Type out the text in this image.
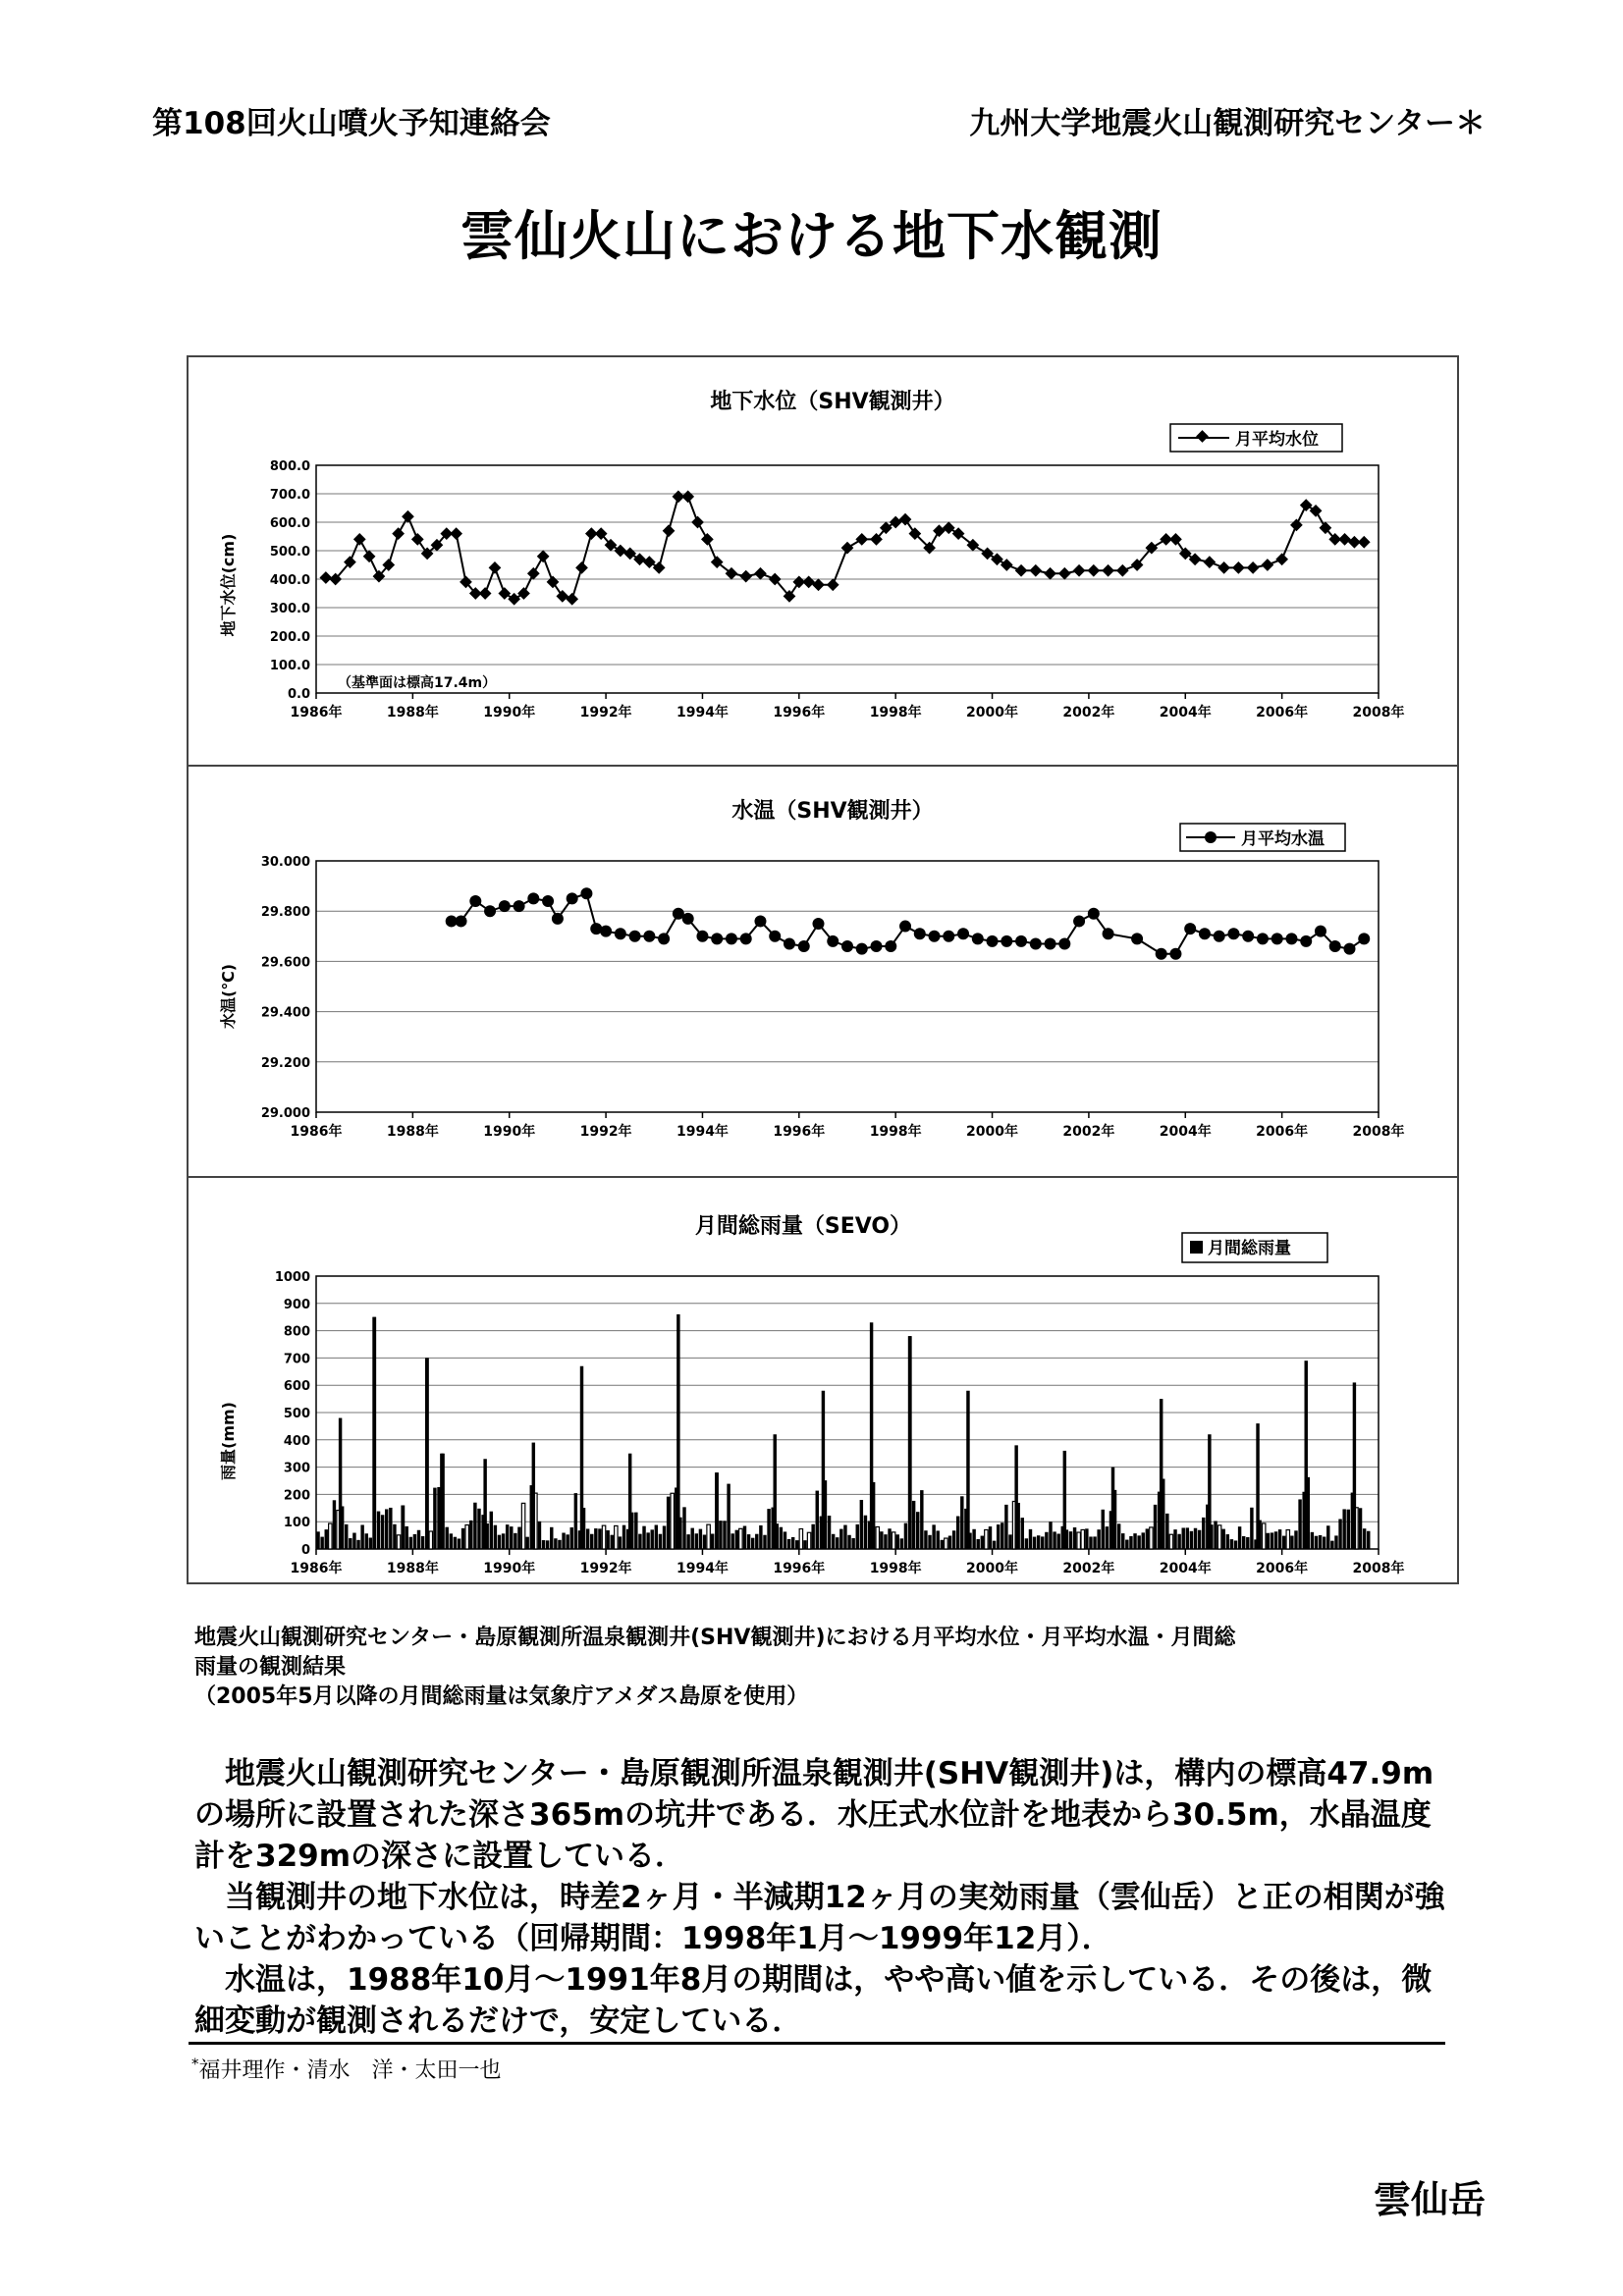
第108回火山噴火予知連絡会	九州大学地震火山観測研究センター＊
雲仙火山における地下水観測
地下水位（SHV観測井）
月平均水位
地下水位(cm)
（基準面は標高17.4m）
0.0
100.0
200.0
300.0
400.0
500.0
600.0
700.0
800.0
1986年	1988年	1990年	1992年	1994年	1996年	1998年	2000年	2002年	2004年	2006年	2008年
水温（SHV観測井）
月平均水温
水温(℃)
29.000
29.200
29.400
29.600
29.800
30.000
1986年	1988年	1990年	1992年	1994年	1996年	1998年	2000年	2002年	2004年	2006年	2008年
月間総雨量（SEVO）
月間総雨量
雨量(mm)
0
100
200
300
400
500
600
700
800
900
1000
1986年	1988年	1990年	1992年	1994年	1996年	1998年	2000年	2002年	2004年	2006年	2008年
地震火山観測研究センター・島原観測所温泉観測井(SHV観測井)における月平均水位・月平均水温・月間総
雨量の観測結果
（2005年5月以降の月間総雨量は気象庁アメダス島原を使用）

地震火山観測研究センター・島原観測所温泉観測井(SHV観測井)は，構内の標高47.9mの場所に設置された深さ365mの坑井である．水圧式水位計を地表から30.5m，水晶温度計を329mの深さに設置している．

当観測井の地下水位は，時差2ヶ月・半減期12ヶ月の実効雨量（雲仙岳）と正の相関が強いことがわかっている（回帰期間：1998年1月〜1999年12月）．

水温は，1988年10月〜1991年8月の期間は，やや高い値を示している．その後は，微細変動が観測されるだけで，安定している．

*福井理作・清水　洋・太田一也
雲仙岳
